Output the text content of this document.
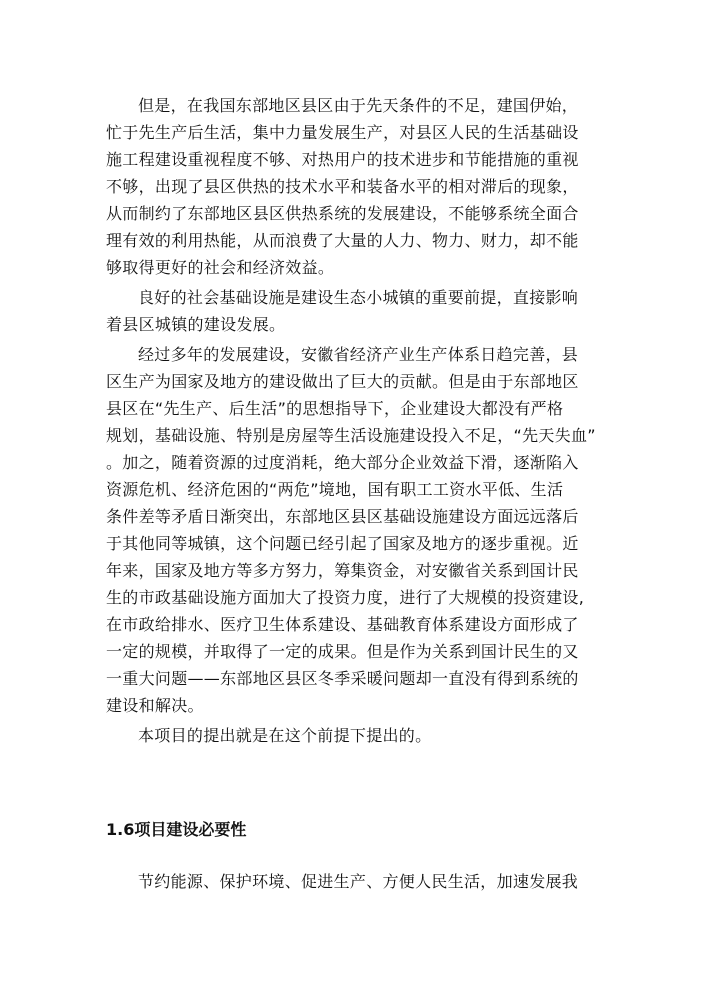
但是，在我国东部地区县区由于先天条件的不足，建国伊始，
忙于先生产后生活，集中力量发展生产，对县区人民的生活基础设
施工程建设重视程度不够、对热用户的技术进步和节能措施的重视
不够，出现了县区供热的技术水平和装备水平的相对滞后的现象，
从而制约了东部地区县区供热系统的发展建设，不能够系统全面合
理有效的利用热能，从而浪费了大量的人力、物力、财力，却不能
够取得更好的社会和经济效益。
良好的社会基础设施是建设生态小城镇的重要前提，直接影响
着县区城镇的建设发展。
经过多年的发展建设，安徽省经济产业生产体系日趋完善，县
区生产为国家及地方的建设做出了巨大的贡献。但是由于东部地区
县区在“先生产、后生活”的思想指导下，企业建设大都没有严格
规划，基础设施、特别是房屋等生活设施建设投入不足，“先天失血”
。加之，随着资源的过度消耗，绝大部分企业效益下滑，逐渐陷入
资源危机、经济危困的“两危”境地，国有职工工资水平低、生活
条件差等矛盾日渐突出，东部地区县区基础设施建设方面远远落后
于其他同等城镇，这个问题已经引起了国家及地方的逐步重视。近
年来，国家及地方等多方努力，筹集资金，对安徽省关系到国计民
生的市政基础设施方面加大了投资力度，进行了大规模的投资建设,
在市政给排水、医疗卫生体系建设、基础教育体系建设方面形成了
一定的规模，并取得了一定的成果。但是作为关系到国计民生的又
一重大问题——东部地区县区冬季采暖问题却一直没有得到系统的
建设和解决。
本项目的提出就是在这个前提下提出的。
1.6项目建设必要性
节约能源、保护环境、促进生产、方便人民生活，加速发展我
